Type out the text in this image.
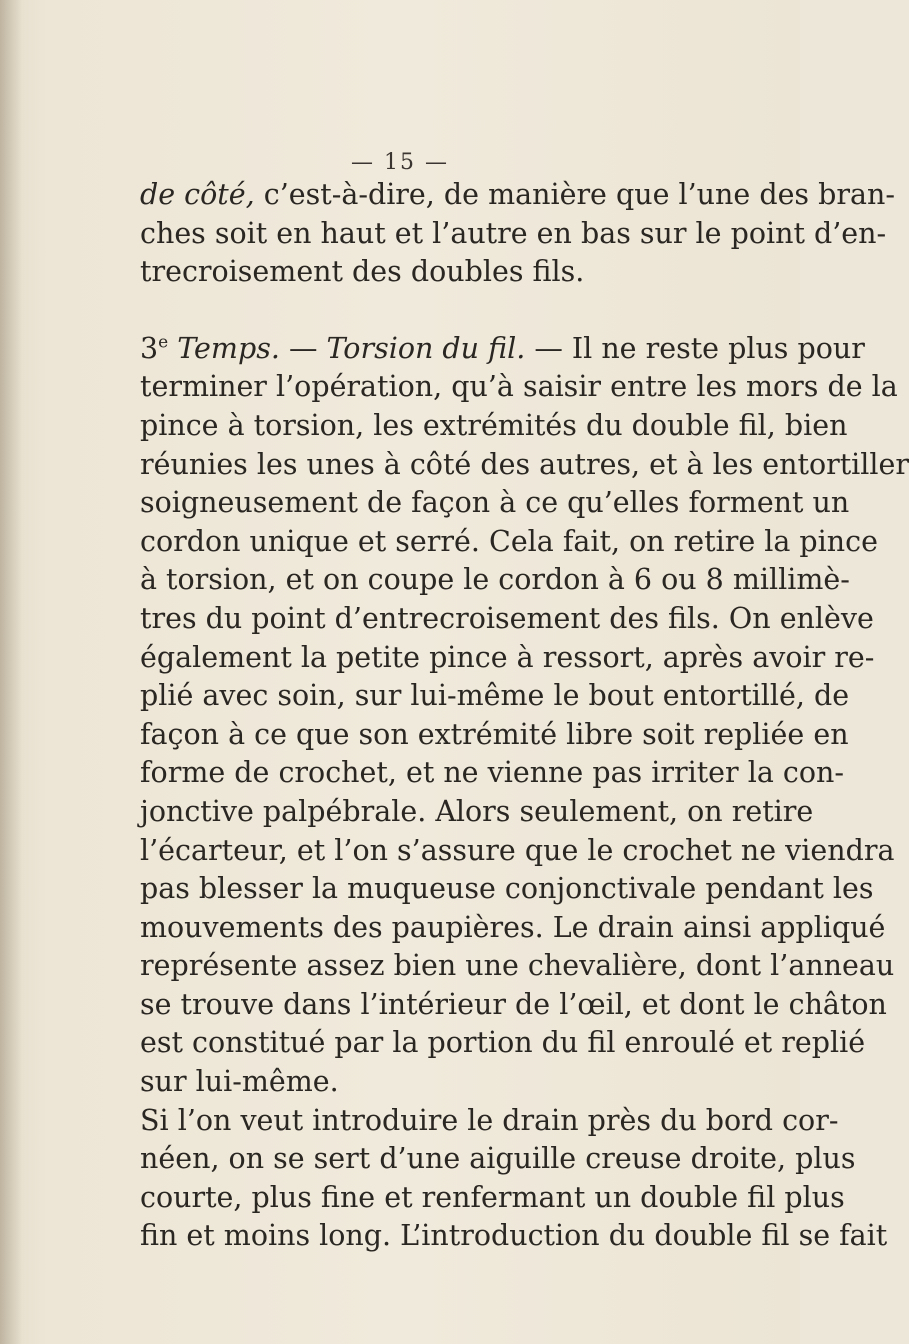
— 15 —
de côté, c’est-à-dire, de manière que l’une des bran-
ches soit en haut et l’autre en bas sur le point d’en-
trecroisement des doubles fils.
3e Temps. — Torsion du fil. — Il ne reste plus pour
terminer l’opération, qu’à saisir entre les mors de la
pince à torsion, les extrémités du double fil, bien
réunies les unes à côté des autres, et à les entortiller
soigneusement de façon à ce qu’elles forment un
cordon unique et serré. Cela fait, on retire la pince
à torsion, et on coupe le cordon à 6 ou 8 millimè-
tres du point d’entrecroisement des fils. On enlève
également la petite pince à ressort, après avoir re-
plié avec soin, sur lui-même le bout entortillé, de
façon à ce que son extrémité libre soit repliée en
forme de crochet, et ne vienne pas irriter la con-
jonctive palpébrale. Alors seulement, on retire
l’écarteur, et l’on s’assure que le crochet ne viendra
pas blesser la muqueuse conjonctivale pendant les
mouvements des paupières. Le drain ainsi appliqué
représente assez bien une chevalière, dont l’anneau
se trouve dans l’intérieur de l’œil, et dont le châton
est constitué par la portion du fil enroulé et replié
sur lui-même.
Si l’on veut introduire le drain près du bord cor-
néen, on se sert d’une aiguille creuse droite, plus
courte, plus fine et renfermant un double fil plus
fin et moins long. L’introduction du double fil se fait
